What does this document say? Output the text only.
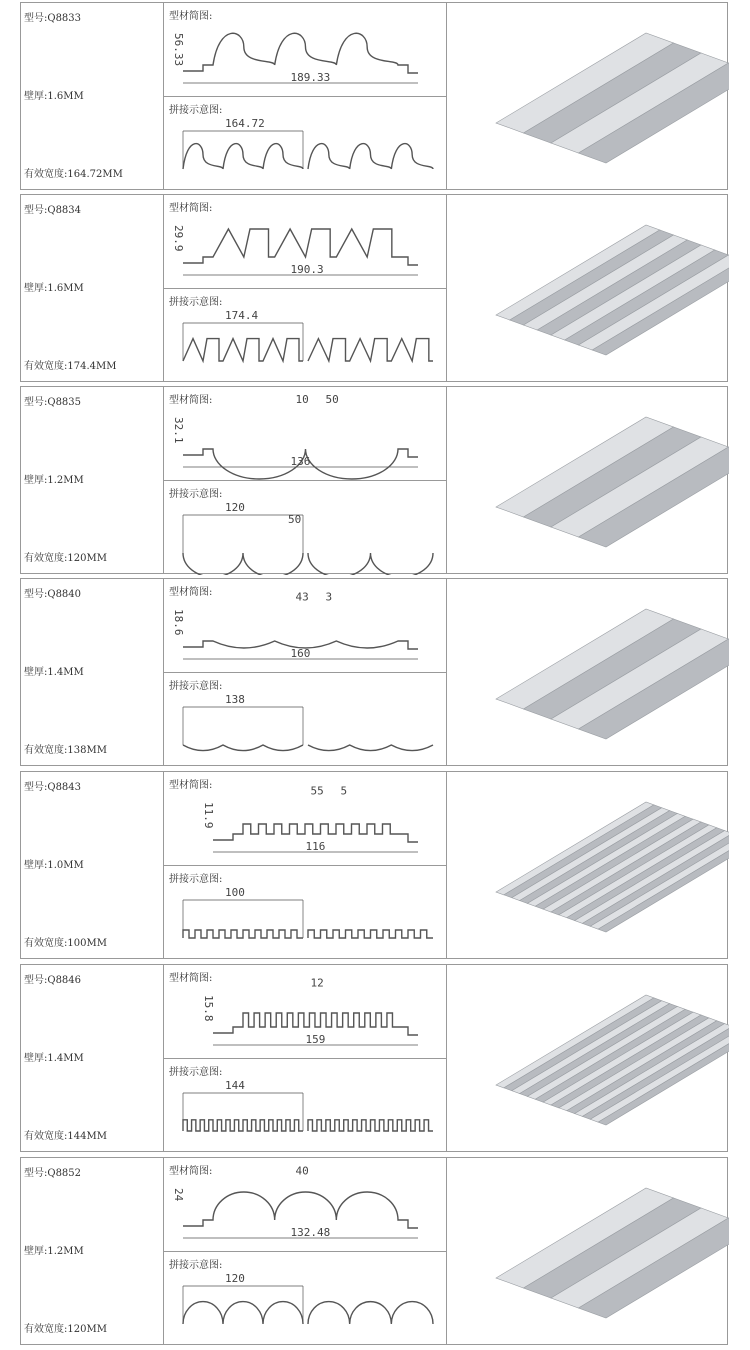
型号:Q8833
壁厚:1.6MM
有效宽度:164.72MM
型材简图:
189.33
56.33
拼接示意图:
164.72
型号:Q8834
壁厚:1.6MM
有效宽度:174.4MM
型材简图:
190.3
29.9
拼接示意图:
174.4
型号:Q8835
壁厚:1.2MM
有效宽度:120MM
型材简图:
136
32.1
10 50
拼接示意图:
120
50
型号:Q8840
壁厚:1.4MM
有效宽度:138MM
型材简图:
160
18.6
43 3
拼接示意图:
138
型号:Q8843
壁厚:1.0MM
有效宽度:100MM
型材简图:
116
11.9
55 5
拼接示意图:
100
型号:Q8846
壁厚:1.4MM
有效宽度:144MM
型材简图:
159
15.8
12
拼接示意图:
144
型号:Q8852
壁厚:1.2MM
有效宽度:120MM
型材简图:
132.48
24
40
拼接示意图:
120
